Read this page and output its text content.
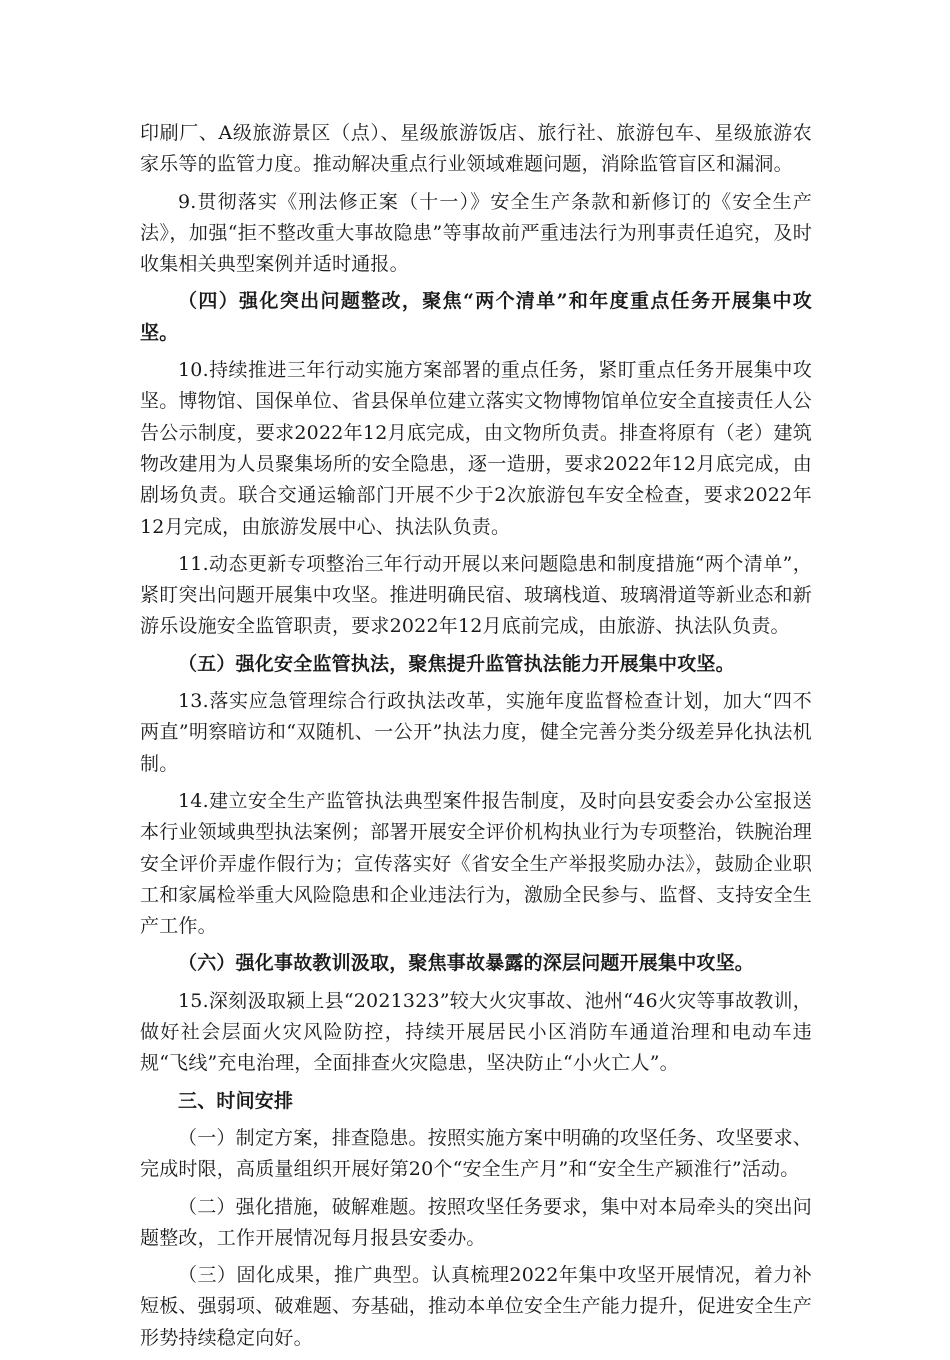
印刷厂、A级旅游景区（点）、星级旅游饭店、旅行社、旅游包车、星级旅游农家乐等的监管力度。推动解决重点行业领域难题问题，消除监管盲区和漏洞。

9.贯彻落实《刑法修正案（十一）》安全生产条款和新修订的《安全生产法》，加强“拒不整改重大事故隐患”等事故前严重违法行为刑事责任追究，及时收集相关典型案例并适时通报。

（四）强化突出问题整改，聚焦“两个清单”和年度重点任务开展集中攻坚。

10.持续推进三年行动实施方案部署的重点任务，紧盯重点任务开展集中攻坚。博物馆、国保单位、省县保单位建立落实文物博物馆单位安全直接责任人公告公示制度，要求2022年12月底完成，由文物所负责。排查将原有（老）建筑物改建用为人员聚集场所的安全隐患，逐一造册，要求2022年12月底完成，由剧场负责。联合交通运输部门开展不少于2次旅游包车安全检查，要求2022年12月完成，由旅游发展中心、执法队负责。

11.动态更新专项整治三年行动开展以来问题隐患和制度措施“两个清单”，紧盯突出问题开展集中攻坚。推进明确民宿、玻璃栈道、玻璃滑道等新业态和新游乐设施安全监管职责，要求2022年12月底前完成，由旅游、执法队负责。

（五）强化安全监管执法，聚焦提升监管执法能力开展集中攻坚。

13.落实应急管理综合行政执法改革，实施年度监督检查计划，加大“四不两直”明察暗访和“双随机、一公开”执法力度，健全完善分类分级差异化执法机制。

14.建立安全生产监管执法典型案件报告制度，及时向县安委会办公室报送本行业领域典型执法案例；部署开展安全评价机构执业行为专项整治，铁腕治理安全评价弄虚作假行为；宣传落实好《省安全生产举报奖励办法》，鼓励企业职工和家属检举重大风险隐患和企业违法行为，激励全民参与、监督、支持安全生产工作。

（六）强化事故教训汲取，聚焦事故暴露的深层问题开展集中攻坚。

15.深刻汲取颍上县“2021323”较大火灾事故、池州“46火灾等事故教训，做好社会层面火灾风险防控，持续开展居民小区消防车通道治理和电动车违规“飞线”充电治理，全面排查火灾隐患，坚决防止“小火亡人”。

三、时间安排

（一）制定方案，排查隐患。按照实施方案中明确的攻坚任务、攻坚要求、完成时限，高质量组织开展好第20个“安全生产月”和“安全生产颍淮行”活动。

（二）强化措施，破解难题。按照攻坚任务要求，集中对本局牵头的突出问题整改，工作开展情况每月报县安委办。

（三）固化成果，推广典型。认真梳理2022年集中攻坚开展情况，着力补短板、强弱项、破难题、夯基础，推动本单位安全生产能力提升，促进安全生产形势持续稳定向好。
